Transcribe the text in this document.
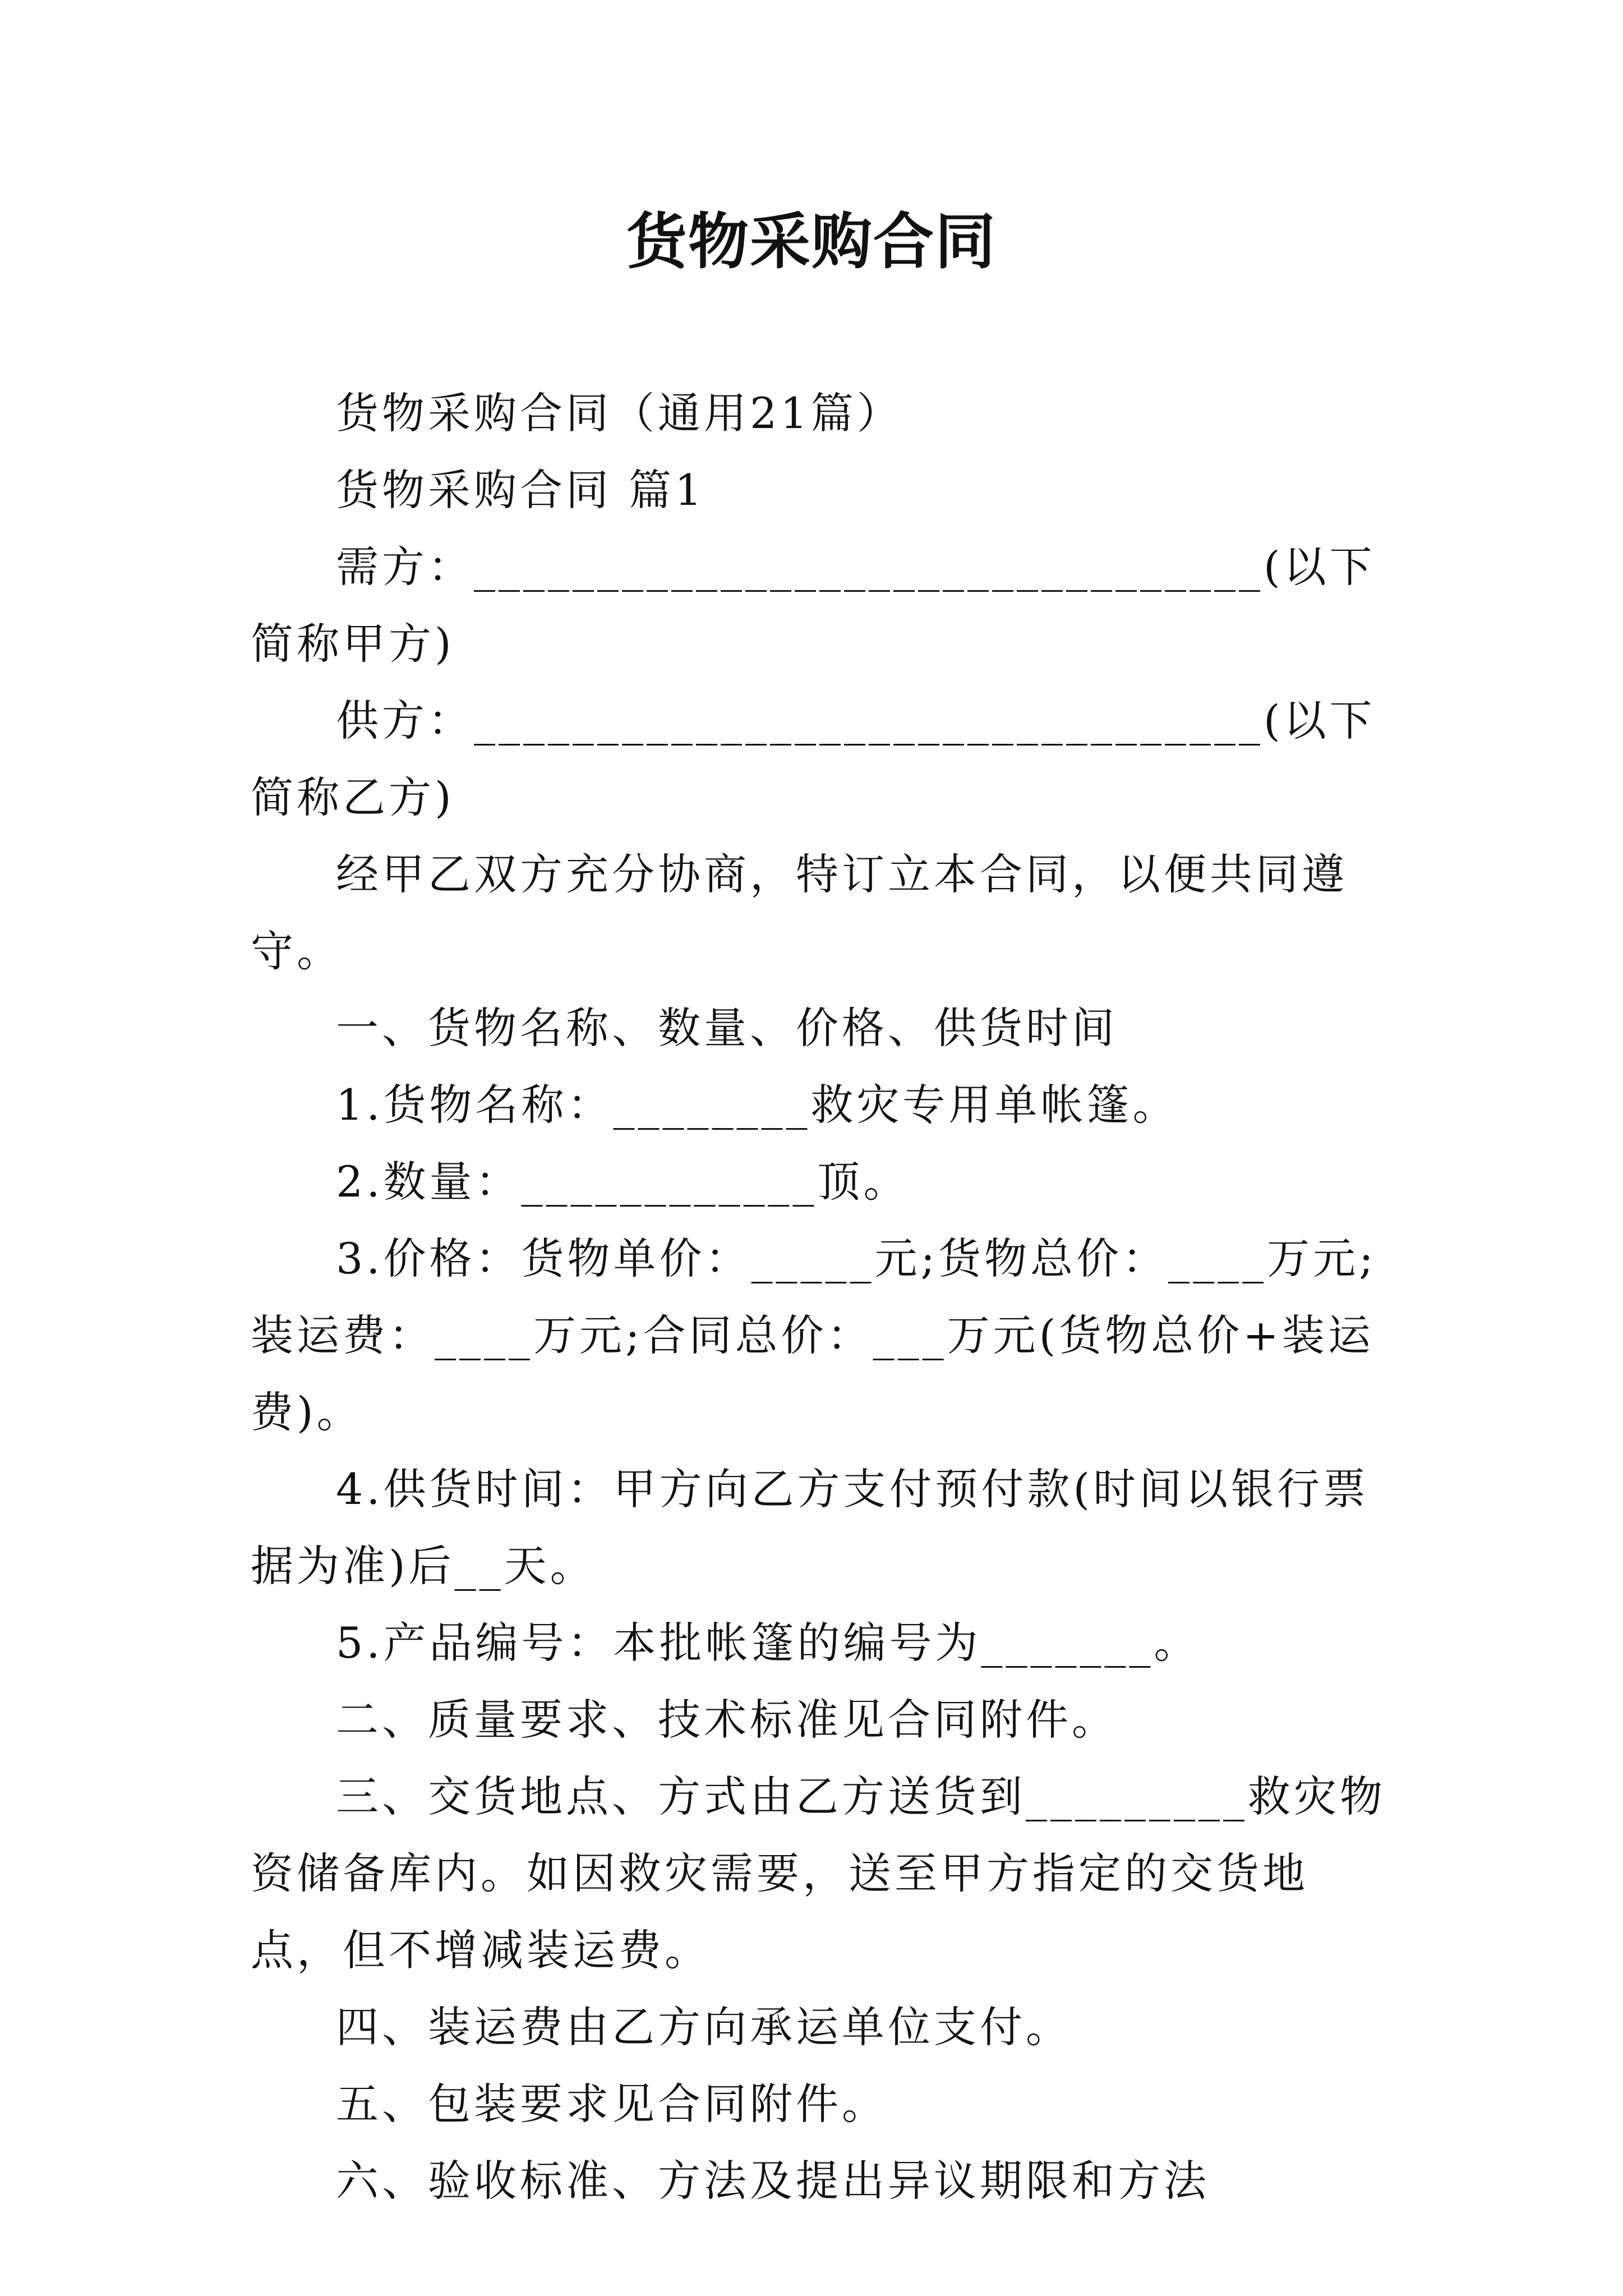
货物采购合同

货物采购合同（通用21篇）

货物采购合同 篇1

需方：________________________________(以下简称甲方)

供方：________________________________(以下简称乙方)

经甲乙双方充分协商，特订立本合同，以便共同遵守。

一、货物名称、数量、价格、供货时间

1.货物名称：________救灾专用单帐篷。

2.数量：____________顶。

3.价格：货物单价：_____元;货物总价：____万元;装运费：____万元;合同总价：___万元(货物总价+装运费)。

4.供货时间：甲方向乙方支付预付款(时间以银行票据为准)后__天。

5.产品编号：本批帐篷的编号为_______。

二、质量要求、技术标准见合同附件。

三、交货地点、方式由乙方送货到_________救灾物资储备库内。如因救灾需要，送至甲方指定的交货地点，但不增减装运费。

四、装运费由乙方向承运单位支付。

五、包装要求见合同附件。

六、验收标准、方法及提出异议期限和方法
